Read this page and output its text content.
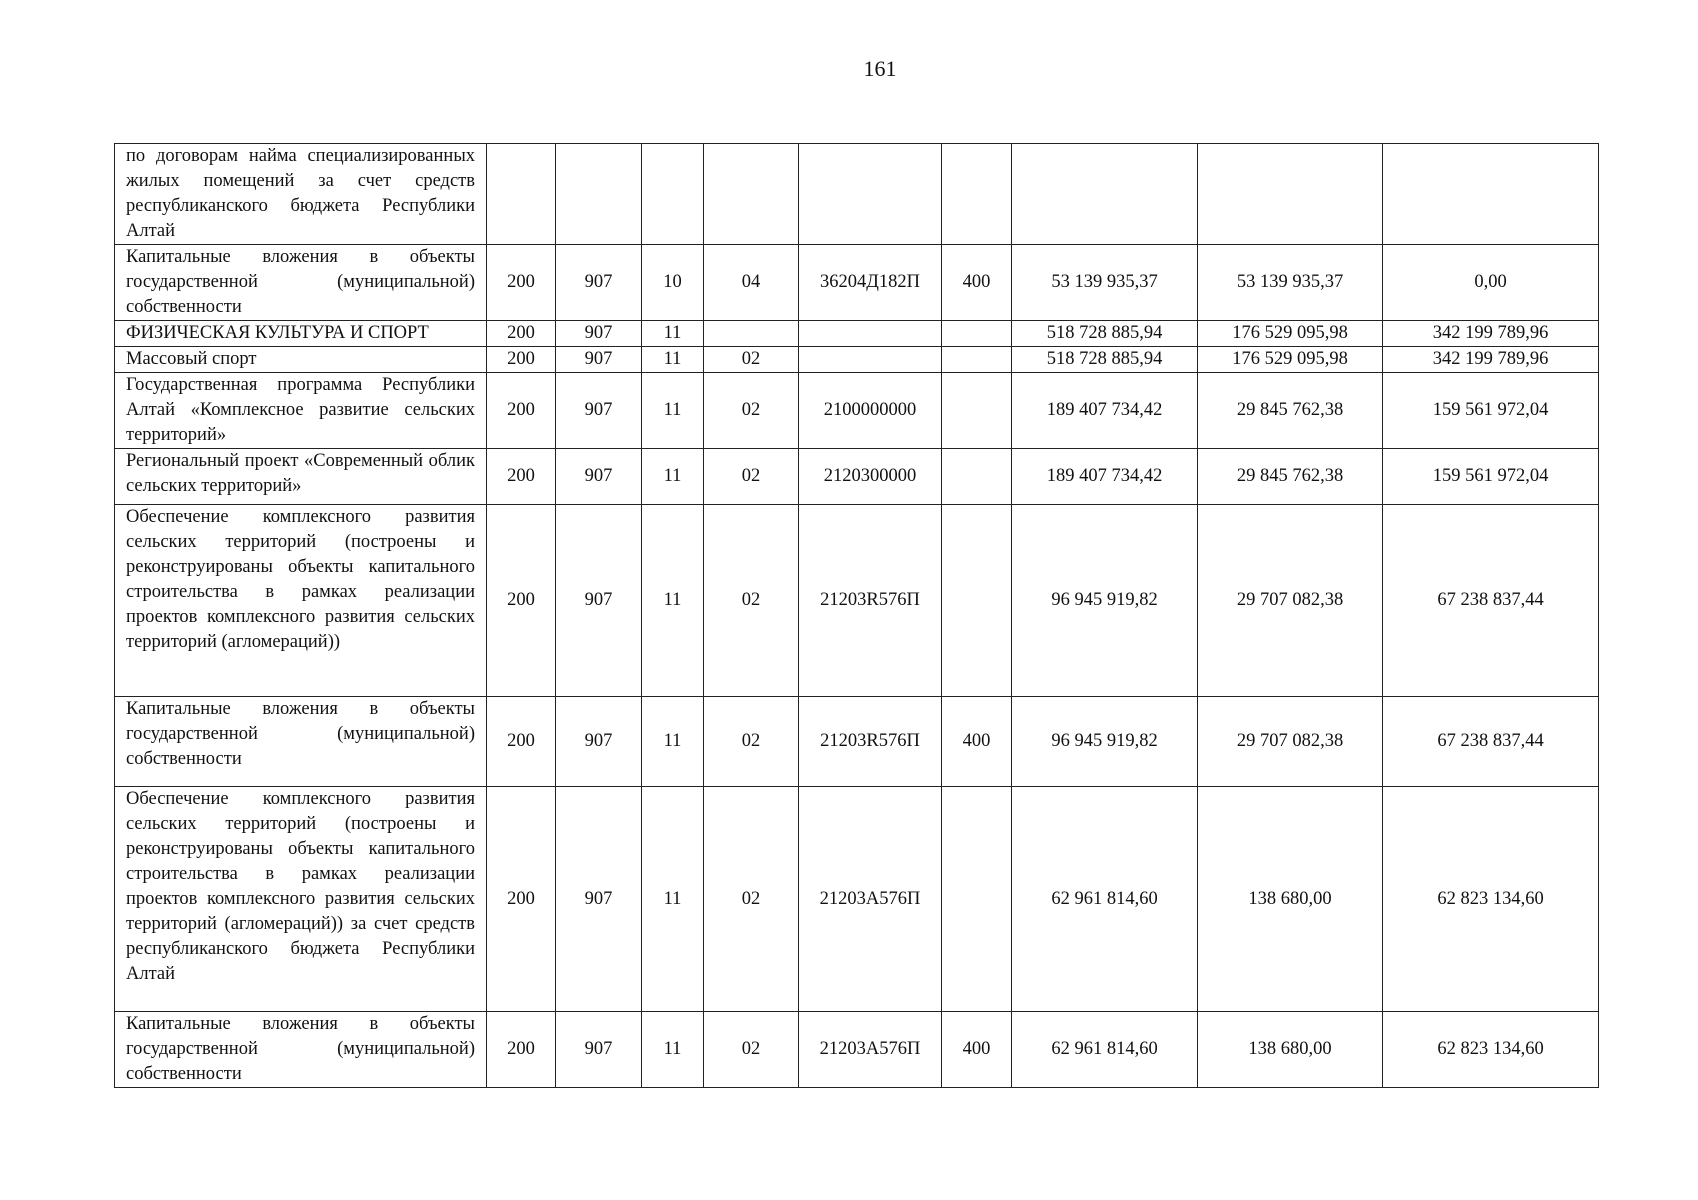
161
по договорам найма специализированных жилых помещений за счет средств республиканского бюджета Республики Алтай									
Капитальные вложения в объекты государственной (муниципальной) собственности	200	907	10	04	36204Д182П	400	53 139 935,37	53 139 935,37	0,00
ФИЗИЧЕСКАЯ КУЛЬТУРА И СПОРТ	200	907	11				518 728 885,94	176 529 095,98	342 199 789,96
Массовый спорт	200	907	11	02			518 728 885,94	176 529 095,98	342 199 789,96
Государственная программа Республики Алтай «Комплексное развитие сельских территорий»	200	907	11	02	2100000000		189 407 734,42	29 845 762,38	159 561 972,04
Региональный проект «Современный облик сельских территорий»	200	907	11	02	2120300000		189 407 734,42	29 845 762,38	159 561 972,04
Обеспечение комплексного развития сельских территорий (построены и реконструированы объекты капитального строительства в рамках реализации проектов комплексного развития сельских территорий (агломераций))	200	907	11	02	21203R576П		96 945 919,82	29 707 082,38	67 238 837,44
Капитальные вложения в объекты государственной (муниципальной) собственности	200	907	11	02	21203R576П	400	96 945 919,82	29 707 082,38	67 238 837,44
Обеспечение комплексного развития сельских территорий (построены и реконструированы объекты капитального строительства в рамках реализации проектов комплексного развития сельских территорий (агломераций)) за счет средств республиканского бюджета Республики Алтай	200	907	11	02	21203А576П		62 961 814,60	138 680,00	62 823 134,60
Капитальные вложения в объекты государственной (муниципальной) собственности	200	907	11	02	21203А576П	400	62 961 814,60	138 680,00	62 823 134,60
